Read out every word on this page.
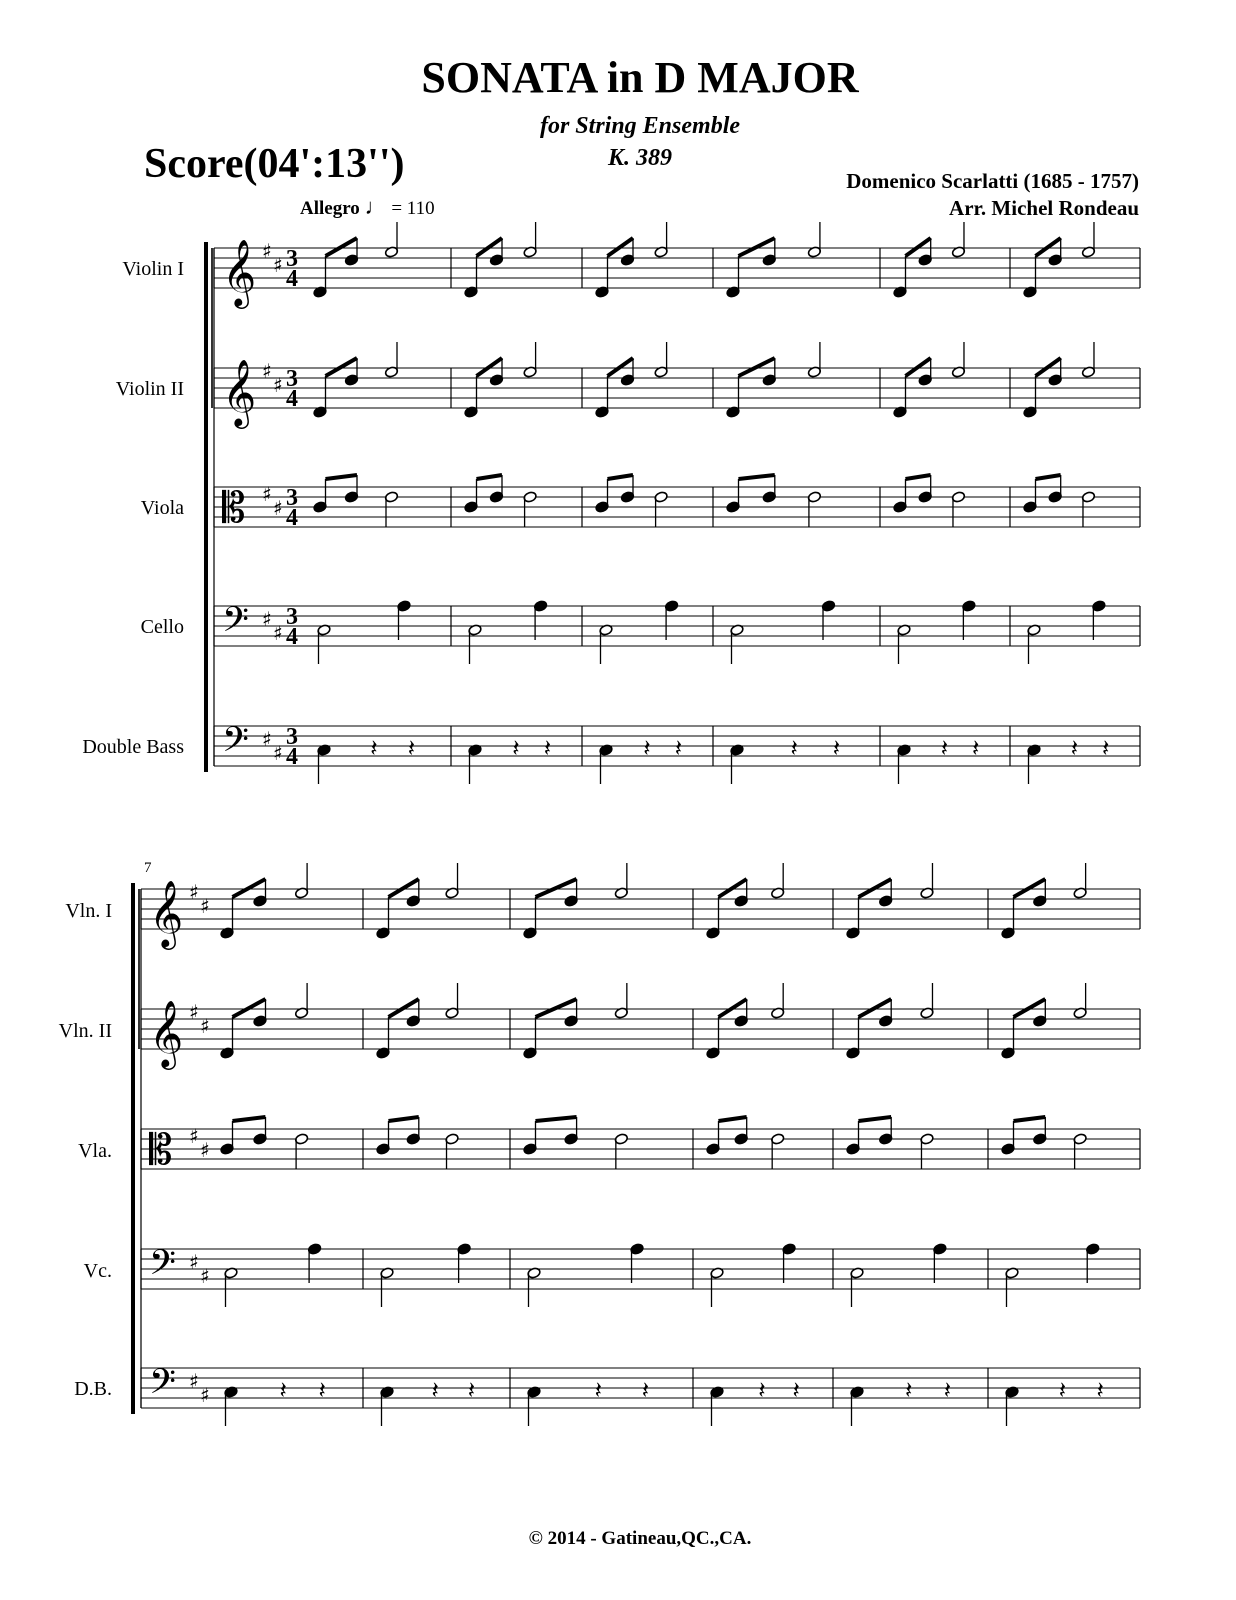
SONATA in D MAJOR
for String Ensemble
K. 389
Score(04':13'')	Domenico Scarlatti (1685 - 1757)
Arr. Michel Rondeau
Allegro ♩ = 110
Violin I
Violin II
Viola
Cello
Double Bass
Vln. I
Vln. II
Vla.
Vc.
D.B.
7
𝄞 ♯
♯ 3
4
𝄞 ♯
♯ 3
4
𝄡 ♯
♯ 3
4
𝄢 ♯
♯
3
4
𝄢 ♯
♯
3
4	𝄽 𝄽	𝄽 𝄽	𝄽 𝄽	𝄽 𝄽	𝄽 𝄽	𝄽 𝄽
𝄞 ♯
♯
𝄞 ♯
♯
𝄡 ♯
♯
𝄢 ♯
♯
𝄢 ♯
♯	𝄽 𝄽	𝄽 𝄽	𝄽 𝄽	𝄽 𝄽	𝄽 𝄽	𝄽 𝄽
© 2014 - Gatineau,QC.,CA.
